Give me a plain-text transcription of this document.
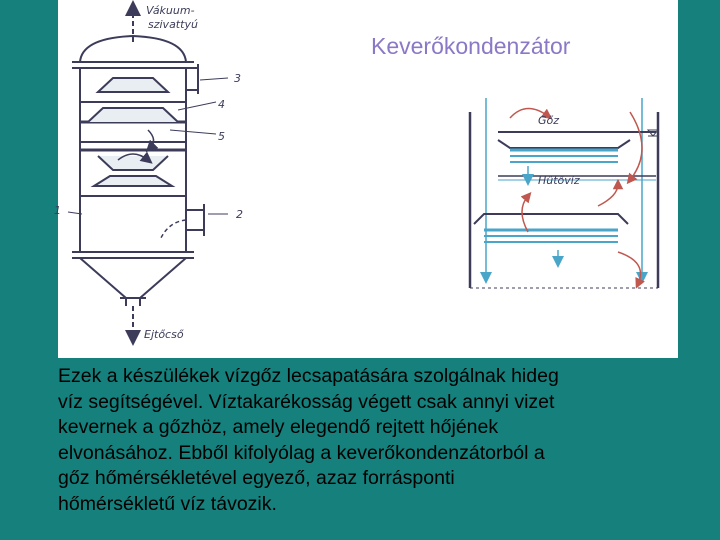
Vákuum-
szivattyú
Ejtőcső
1	2
3
4
5
Gőz
Hűtővíz
Keverőkondenzátor
Ezek a készülékek vízgőz lecsapatására szolgálnak hideg
víz segítségével. Víztakarékosság végett csak annyi vizet
kevernek a gőzhöz, amely elegendő rejtett hőjének
elvonásához. Ebből kifolyólag a keverőkondenzátorból a
gőz hőmérsékletével egyező, azaz forrásponti
hőmérsékletű víz távozik.
